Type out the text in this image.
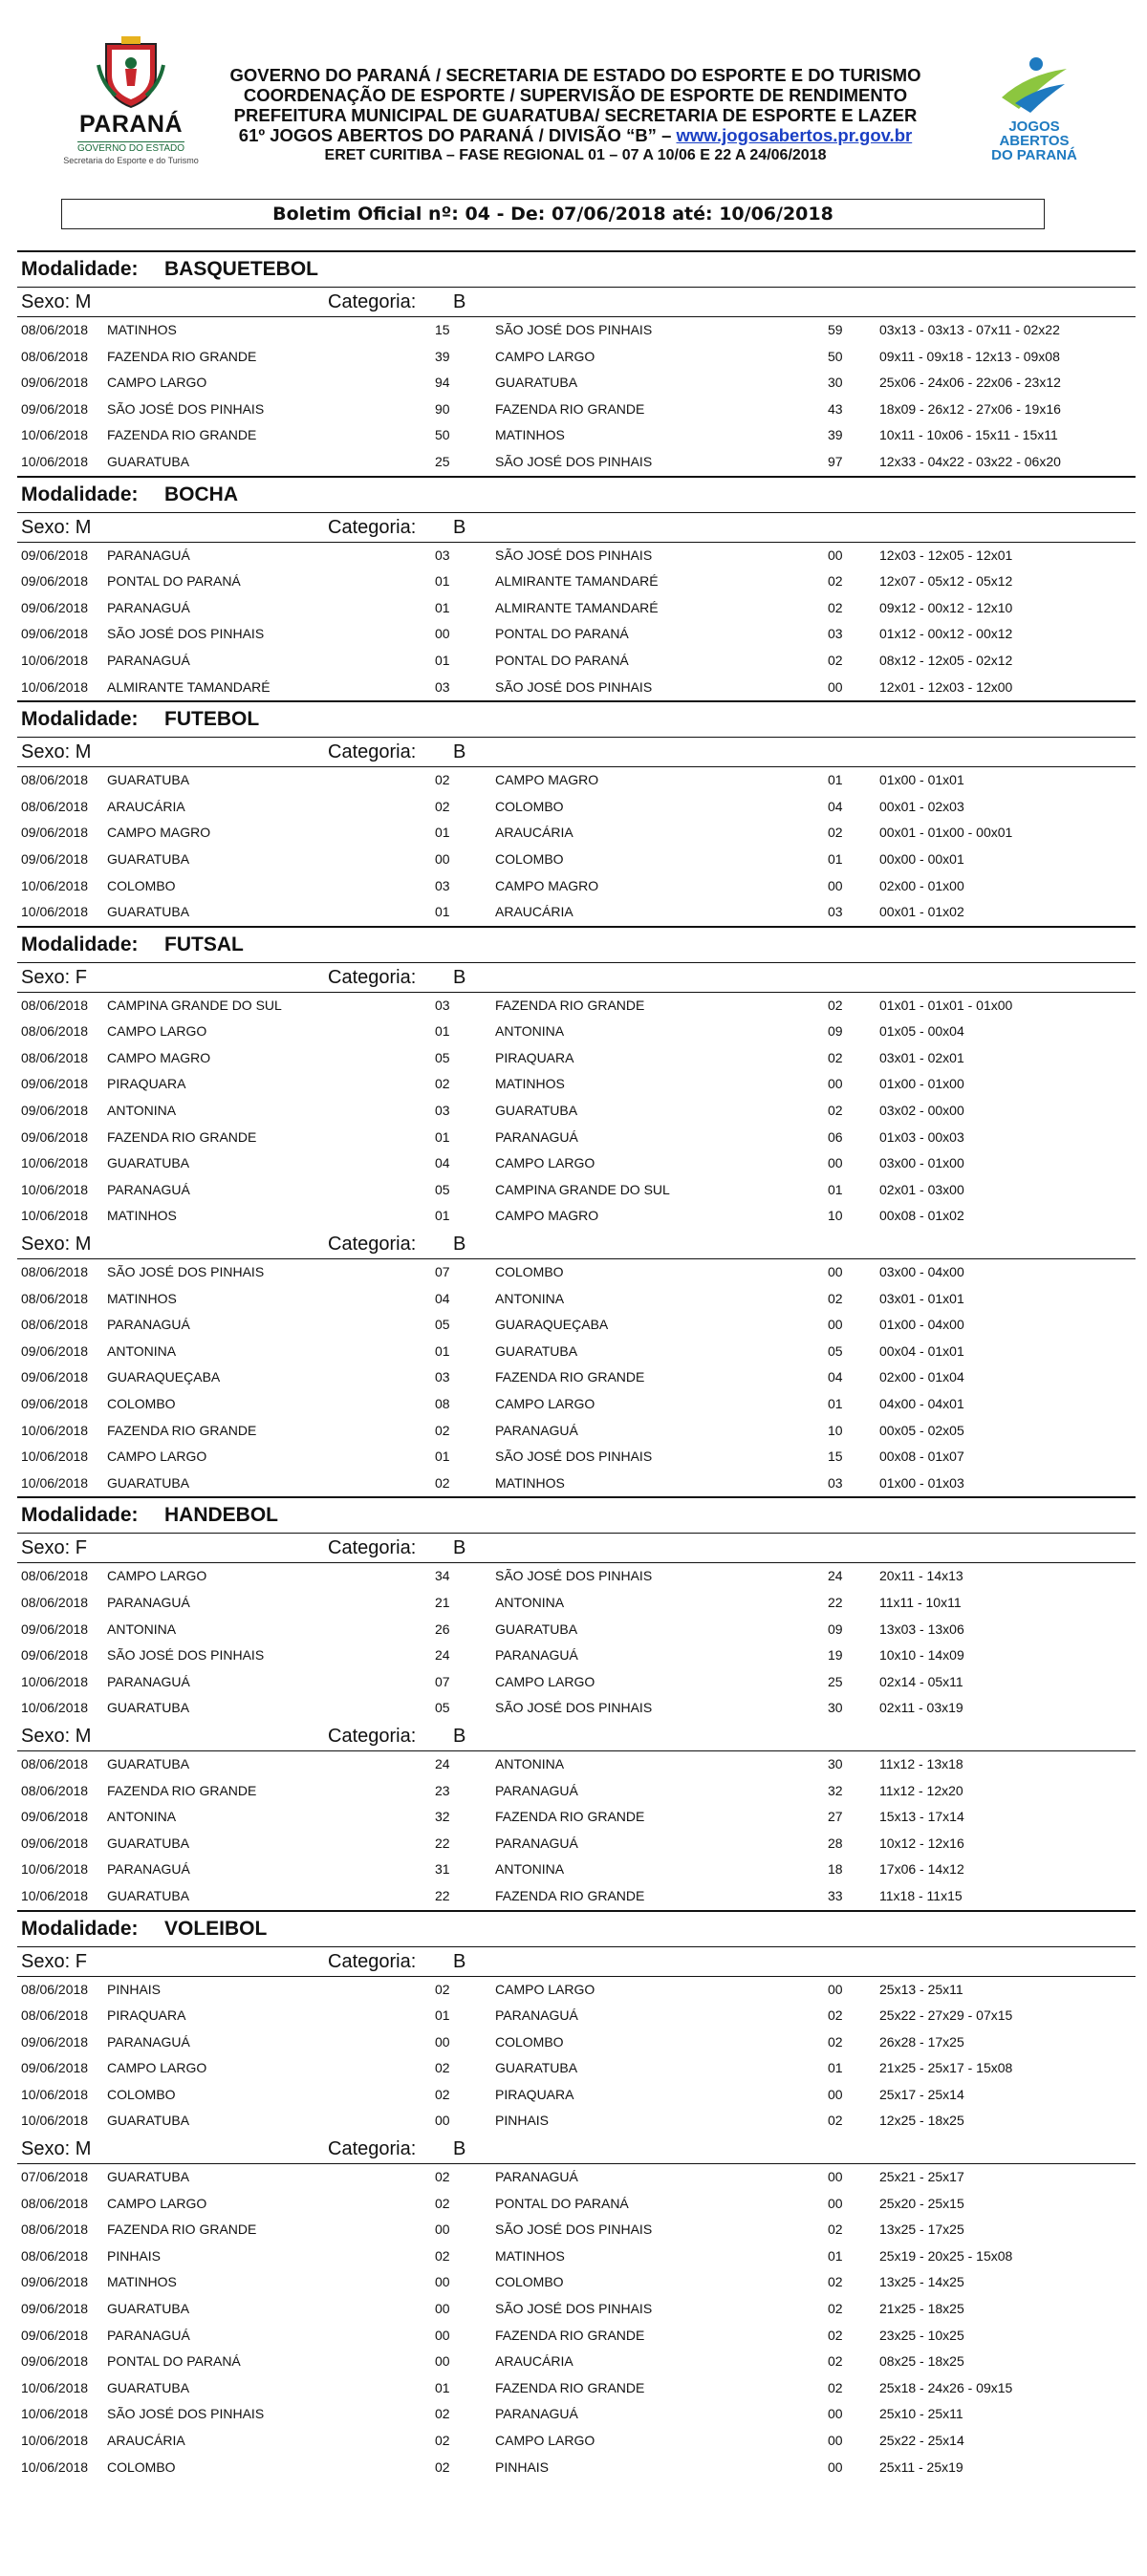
PARANÁ
GOVERNO DO ESTADO
Secretaria do Esporte e do Turismo
GOVERNO DO PARANÁ / SECRETARIA DE ESTADO DO ESPORTE E DO TURISMO
COORDENAÇÃO DE ESPORTE / SUPERVISÃO DE ESPORTE DE RENDIMENTO
PREFEITURA MUNICIPAL DE GUARATUBA/ SECRETARIA DE ESPORTE E LAZER
61º JOGOS ABERTOS DO PARANÁ / DIVISÃO “B” – www.jogosabertos.pr.gov.br
ERET CURITIBA – FASE REGIONAL 01 – 07 A 10/06 E 22 A 24/06/2018
JOGOS ABERTOS
DO PARANÁ
Boletim Oficial nº: 04 - De: 07/06/2018 até: 10/06/2018
Modalidade: BASQUETEBOL
Sexo: M	Categoria: B
08/06/2018 MATINHOS	15	SÃO JOSÉ DOS PINHAIS	59	03x13 - 03x13 - 07x11 - 02x22
08/06/2018 FAZENDA RIO GRANDE	39	CAMPO LARGO	50	09x11 - 09x18 - 12x13 - 09x08
09/06/2018 CAMPO LARGO	94	GUARATUBA	30	25x06 - 24x06 - 22x06 - 23x12
09/06/2018 SÃO JOSÉ DOS PINHAIS	90	FAZENDA RIO GRANDE	43	18x09 - 26x12 - 27x06 - 19x16
10/06/2018 FAZENDA RIO GRANDE	50	MATINHOS	39	10x11 - 10x06 - 15x11 - 15x11
10/06/2018 GUARATUBA	25	SÃO JOSÉ DOS PINHAIS	97	12x33 - 04x22 - 03x22 - 06x20
Modalidade: BOCHA
Sexo: M	Categoria: B
09/06/2018 PARANAGUÁ	03	SÃO JOSÉ DOS PINHAIS	00	12x03 - 12x05 - 12x01
09/06/2018 PONTAL DO PARANÁ	01	ALMIRANTE TAMANDARÉ	02	12x07 - 05x12 - 05x12
09/06/2018 PARANAGUÁ	01	ALMIRANTE TAMANDARÉ	02	09x12 - 00x12 - 12x10
09/06/2018 SÃO JOSÉ DOS PINHAIS	00	PONTAL DO PARANÁ	03	01x12 - 00x12 - 00x12
10/06/2018 PARANAGUÁ	01	PONTAL DO PARANÁ	02	08x12 - 12x05 - 02x12
10/06/2018 ALMIRANTE TAMANDARÉ	03	SÃO JOSÉ DOS PINHAIS	00	12x01 - 12x03 - 12x00
Modalidade: FUTEBOL
Sexo: M	Categoria: B
08/06/2018 GUARATUBA	02	CAMPO MAGRO	01	01x00 - 01x01
08/06/2018 ARAUCÁRIA	02	COLOMBO	04	00x01 - 02x03
09/06/2018 CAMPO MAGRO	01	ARAUCÁRIA	02	00x01 - 01x00 - 00x01
09/06/2018 GUARATUBA	00	COLOMBO	01	00x00 - 00x01
10/06/2018 COLOMBO	03	CAMPO MAGRO	00	02x00 - 01x00
10/06/2018 GUARATUBA	01	ARAUCÁRIA	03	00x01 - 01x02
Modalidade: FUTSAL
Sexo: F	Categoria: B
08/06/2018 CAMPINA GRANDE DO SUL	03	FAZENDA RIO GRANDE	02	01x01 - 01x01 - 01x00
08/06/2018 CAMPO LARGO	01	ANTONINA	09	01x05 - 00x04
08/06/2018 CAMPO MAGRO	05	PIRAQUARA	02	03x01 - 02x01
09/06/2018 PIRAQUARA	02	MATINHOS	00	01x00 - 01x00
09/06/2018 ANTONINA	03	GUARATUBA	02	03x02 - 00x00
09/06/2018 FAZENDA RIO GRANDE	01	PARANAGUÁ	06	01x03 - 00x03
10/06/2018 GUARATUBA	04	CAMPO LARGO	00	03x00 - 01x00
10/06/2018 PARANAGUÁ	05	CAMPINA GRANDE DO SUL	01	02x01 - 03x00
10/06/2018 MATINHOS	01	CAMPO MAGRO	10	00x08 - 01x02
Sexo: M	Categoria: B
08/06/2018 SÃO JOSÉ DOS PINHAIS	07	COLOMBO	00	03x00 - 04x00
08/06/2018 MATINHOS	04	ANTONINA	02	03x01 - 01x01
08/06/2018 PARANAGUÁ	05	GUARAQUEÇABA	00	01x00 - 04x00
09/06/2018 ANTONINA	01	GUARATUBA	05	00x04 - 01x01
09/06/2018 GUARAQUEÇABA	03	FAZENDA RIO GRANDE	04	02x00 - 01x04
09/06/2018 COLOMBO	08	CAMPO LARGO	01	04x00 - 04x01
10/06/2018 FAZENDA RIO GRANDE	02	PARANAGUÁ	10	00x05 - 02x05
10/06/2018 CAMPO LARGO	01	SÃO JOSÉ DOS PINHAIS	15	00x08 - 01x07
10/06/2018 GUARATUBA	02	MATINHOS	03	01x00 - 01x03
Modalidade: HANDEBOL
Sexo: F	Categoria: B
08/06/2018 CAMPO LARGO	34	SÃO JOSÉ DOS PINHAIS	24	20x11 - 14x13
08/06/2018 PARANAGUÁ	21	ANTONINA	22	11x11 - 10x11
09/06/2018 ANTONINA	26	GUARATUBA	09	13x03 - 13x06
09/06/2018 SÃO JOSÉ DOS PINHAIS	24	PARANAGUÁ	19	10x10 - 14x09
10/06/2018 PARANAGUÁ	07	CAMPO LARGO	25	02x14 - 05x11
10/06/2018 GUARATUBA	05	SÃO JOSÉ DOS PINHAIS	30	02x11 - 03x19
Sexo: M	Categoria: B
08/06/2018 GUARATUBA	24	ANTONINA	30	11x12 - 13x18
08/06/2018 FAZENDA RIO GRANDE	23	PARANAGUÁ	32	11x12 - 12x20
09/06/2018 ANTONINA	32	FAZENDA RIO GRANDE	27	15x13 - 17x14
09/06/2018 GUARATUBA	22	PARANAGUÁ	28	10x12 - 12x16
10/06/2018 PARANAGUÁ	31	ANTONINA	18	17x06 - 14x12
10/06/2018 GUARATUBA	22	FAZENDA RIO GRANDE	33	11x18 - 11x15
Modalidade: VOLEIBOL
Sexo: F	Categoria: B
08/06/2018 PINHAIS	02	CAMPO LARGO	00	25x13 - 25x11
08/06/2018 PIRAQUARA	01	PARANAGUÁ	02	25x22 - 27x29 - 07x15
09/06/2018 PARANAGUÁ	00	COLOMBO	02	26x28 - 17x25
09/06/2018 CAMPO LARGO	02	GUARATUBA	01	21x25 - 25x17 - 15x08
10/06/2018 COLOMBO	02	PIRAQUARA	00	25x17 - 25x14
10/06/2018 GUARATUBA	00	PINHAIS	02	12x25 - 18x25
Sexo: M	Categoria: B
07/06/2018 GUARATUBA	02	PARANAGUÁ	00	25x21 - 25x17
08/06/2018 CAMPO LARGO	02	PONTAL DO PARANÁ	00	25x20 - 25x15
08/06/2018 FAZENDA RIO GRANDE	00	SÃO JOSÉ DOS PINHAIS	02	13x25 - 17x25
08/06/2018 PINHAIS	02	MATINHOS	01	25x19 - 20x25 - 15x08
09/06/2018 MATINHOS	00	COLOMBO	02	13x25 - 14x25
09/06/2018 GUARATUBA	00	SÃO JOSÉ DOS PINHAIS	02	21x25 - 18x25
09/06/2018 PARANAGUÁ	00	FAZENDA RIO GRANDE	02	23x25 - 10x25
09/06/2018 PONTAL DO PARANÁ	00	ARAUCÁRIA	02	08x25 - 18x25
10/06/2018 GUARATUBA	01	FAZENDA RIO GRANDE	02	25x18 - 24x26 - 09x15
10/06/2018 SÃO JOSÉ DOS PINHAIS	02	PARANAGUÁ	00	25x10 - 25x11
10/06/2018 ARAUCÁRIA	02	CAMPO LARGO	00	25x22 - 25x14
10/06/2018 COLOMBO	02	PINHAIS	00	25x11 - 25x19
